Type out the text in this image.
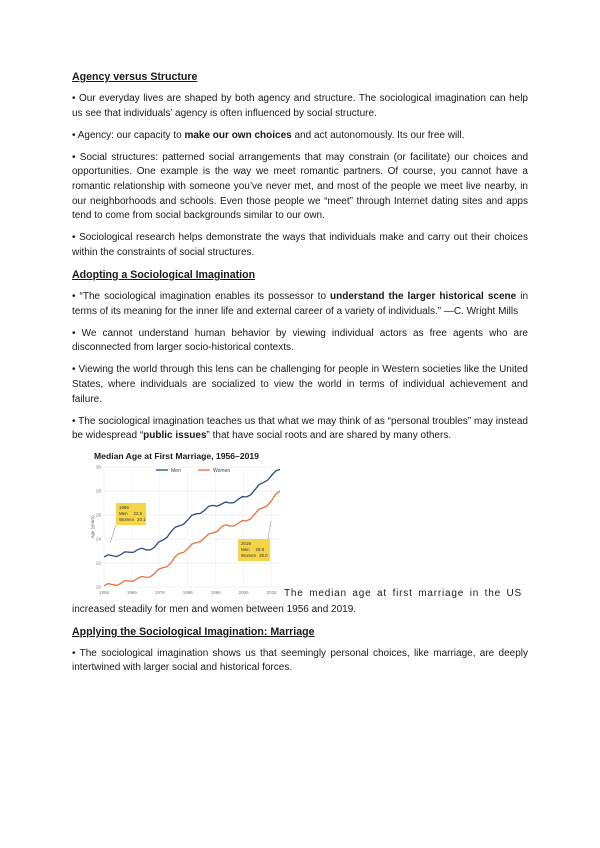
Agency versus Structure

• Our everyday lives are shaped by both agency and structure. The sociological imagination can help us see that individuals’ agency is often influenced by social structure.

• Agency: our capacity to make our own choices and act autonomously. Its our free will.

• Social structures: patterned social arrangements that may constrain (or facilitate) our choices and opportunities. One example is the way we meet romantic partners. Of course, you cannot have a romantic relationship with someone you’ve never met, and most of the people we meet live nearby, in our neighborhoods and schools. Even those people we “meet” through Internet dating sites and apps tend to come from social backgrounds similar to our own.

• Sociological research helps demonstrate the ways that individuals make and carry out their choices within the constraints of social structures.

Adopting a Sociological Imagination

• “The sociological imagination enables its possessor to understand the larger historical scene in terms of its meaning for the inner life and external career of a variety of individuals.” —C. Wright Mills

• We cannot understand human behavior by viewing individual actors as free agents who are disconnected from larger socio-historical contexts.

• Viewing the world through this lens can be challenging for people in Western societies like the United States, where individuals are socialized to view the world in terms of individual achievement and failure.

• The sociological imagination teaches us that what we may think of as “personal troubles” may instead be widespread “public issues” that have social roots and are shared by many others.

Median Age at First Marriage, 1956–2019
Age (years)
20
22
24
26
28
30
1956	1966	1976	1986	1996	2006	2016
Men	Women
1956
Men 22.5
Women 20.1
2019
Men 29.8
Women 28.0
The median age at first marriage in the US

increased steadily for men and women between 1956 and 2019.

Applying the Sociological Imagination: Marriage

• The sociological imagination shows us that seemingly personal choices, like marriage, are deeply intertwined with larger social and historical forces.
